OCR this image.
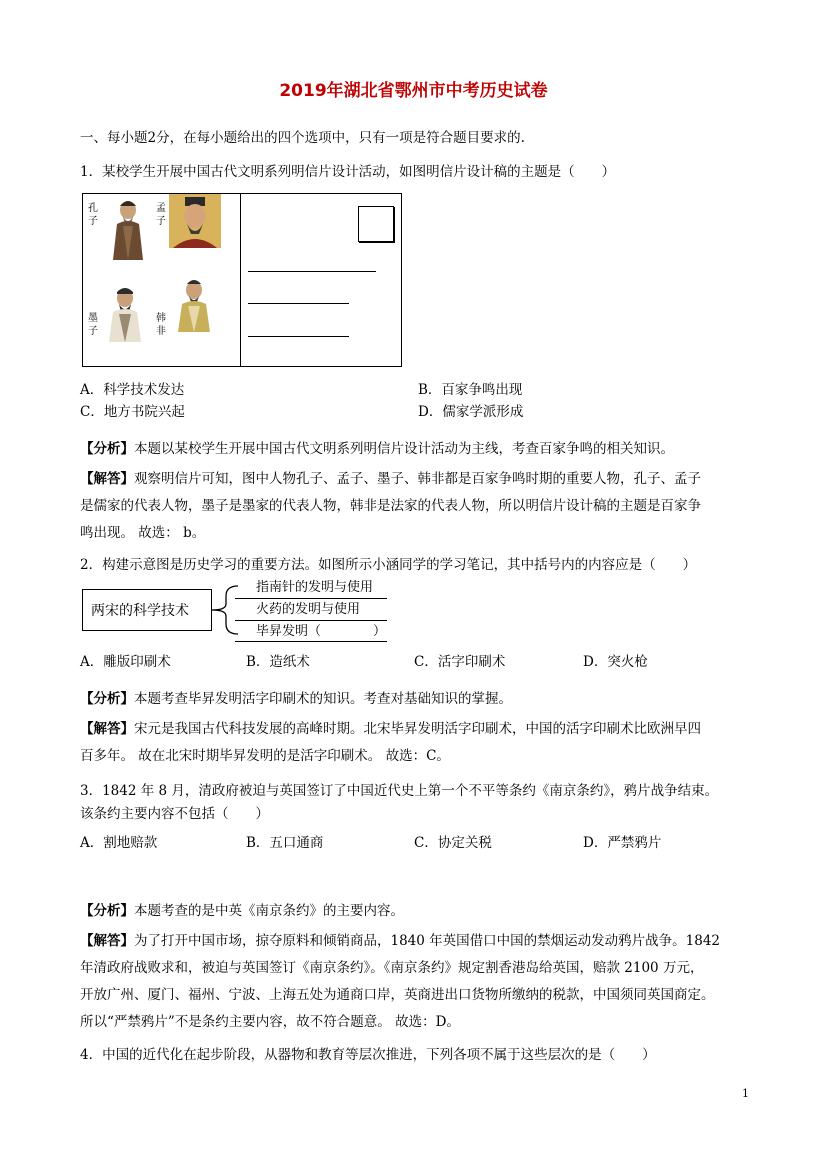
2019年湖北省鄂州市中考历史试卷
一、每小题2分，在每小题给出的四个选项中，只有一项是符合题目要求的.
1．某校学生开展中国古代文明系列明信片设计活动，如图明信片设计稿的主题是（　　）
孔子
孟子
墨子
韩非
A．科学技术发达	B．百家争鸣出现
C．地方书院兴起	D．儒家学派形成
【分析】本题以某校学生开展中国古代文明系列明信片设计活动为主线，考查百家争鸣的相关知识。
【解答】观察明信片可知，图中人物孔子、孟子、墨子、韩非都是百家争鸣时期的重要人物，孔子、孟子
是儒家的代表人物，墨子是墨家的代表人物，韩非是法家的代表人物，所以明信片设计稿的主题是百家争
鸣出现。 故选： b。
2．构建示意图是历史学习的重要方法。如图所示小涵同学的学习笔记，其中括号内的内容应是（　　）
两宋的科学技术
指南针的发明与使用
火药的发明与使用
毕昇发明（　　　　）
A．雕版印刷术	B．造纸术	C．活字印刷术	D．突火枪
【分析】本题考查毕昇发明活字印刷术的知识。考查对基础知识的掌握。
【解答】宋元是我国古代科技发展的高峰时期。北宋毕昇发明活字印刷术，中国的活字印刷术比欧洲早四
百多年。 故在北宋时期毕昇发明的是活字印刷术。 故选：C。
3．1842 年 8 月，清政府被迫与英国签订了中国近代史上第一个不平等条约《南京条约》，鸦片战争结束。
该条约主要内容不包括（　　）
A．割地赔款	B．五口通商	C．协定关税	D．严禁鸦片
【分析】本题考查的是中英《南京条约》的主要内容。
【解答】为了打开中国市场，掠夺原料和倾销商品，1840 年英国借口中国的禁烟运动发动鸦片战争。1842
年清政府战败求和，被迫与英国签订《南京条约》。《南京条约》规定割香港岛给英国，赔款 2100 万元，
开放广州、厦门、福州、宁波、上海五处为通商口岸，英商进出口货物所缴纳的税款，中国须同英国商定。
所以“严禁鸦片”不是条约主要内容，故不符合题意。 故选：D。
4．中国的近代化在起步阶段，从器物和教育等层次推进，下列各项不属于这些层次的是（　　）
1
